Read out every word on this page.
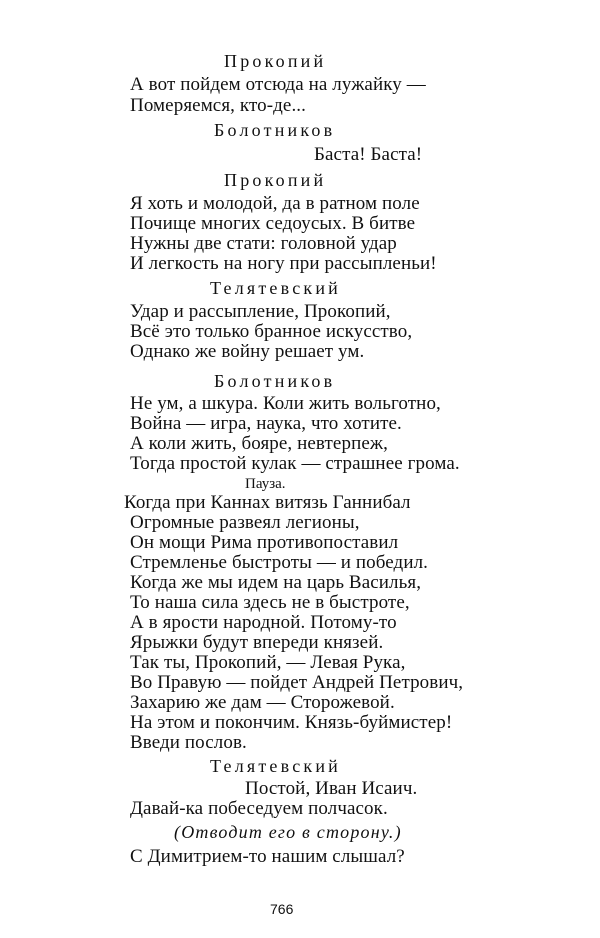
Прокопий
А вот пойдем отсюда на лужайку —
Померяемся, кто-де...
Болотников
Баста! Баста!
Прокопий
Я хоть и молодой, да в ратном поле
Почище многих седоусых. В битве
Нужны две стати: головной удар
И легкость на ногу при рассыпленьи!
Телятевский
Удар и рассыпление, Прокопий,
Всё это только бранное искусство,
Однако же войну решает ум.
Болотников
Не ум, а шкура. Коли жить вольготно,
Война — игра, наука, что хотите.
А коли жить, бояре, невтерпеж,
Тогда простой кулак — страшнее грома.
Пауза.
Когда при Каннах витязь Ганнибал
Огромные развеял легионы,
Он мощи Рима противопоставил
Стремленье быстроты — и победил.
Когда же мы идем на царь Василья,
То наша сила здесь не в быстроте,
А в ярости народной. Потому-то
Ярыжки будут впереди князей.
Так ты, Прокопий, — Левая Рука,
Во Правую — пойдет Андрей Петрович,
Захарию же дам — Сторожевой.
На этом и покончим. Князь-буймистер!
Введи послов.
Телятевский
Постой, Иван Исаич.
Давай-ка побеседуем полчасок.
(Отводит его в сторону.)
С Димитрием-то нашим слышал?
766
